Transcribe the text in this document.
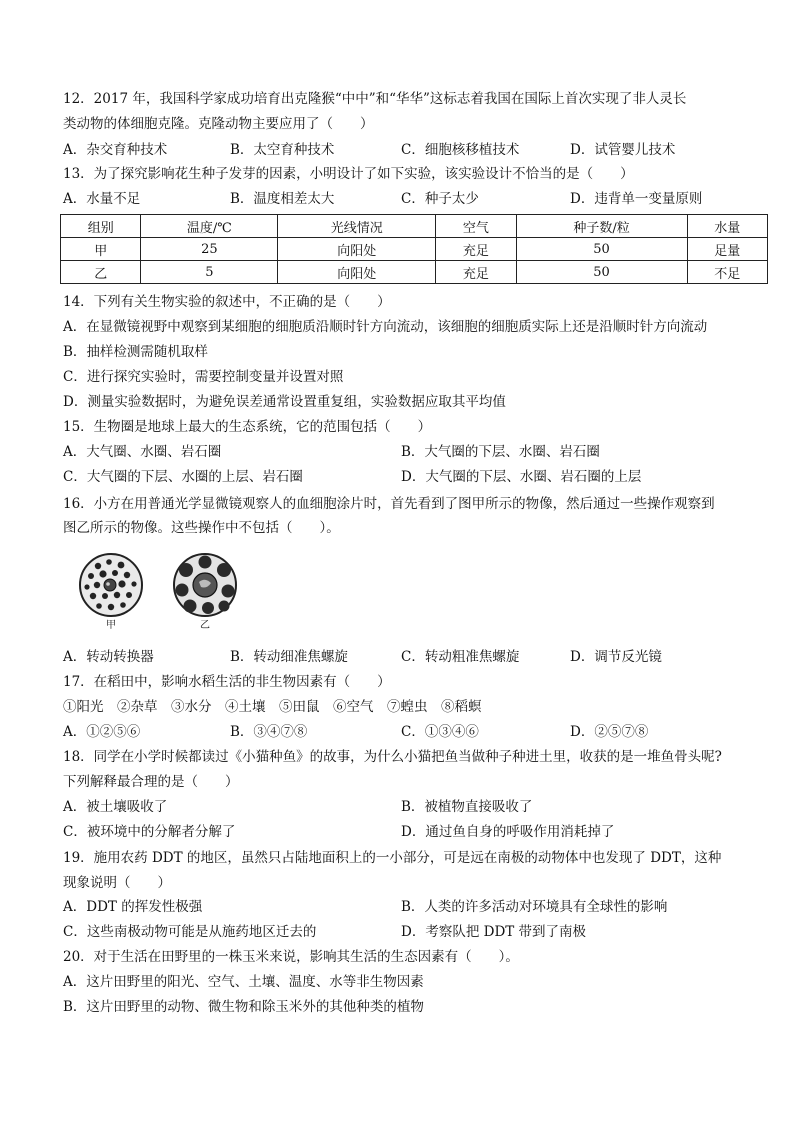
12．2017 年，我国科学家成功培育出克隆猴“中中”和“华华”这标志着我国在国际上首次实现了非人灵长
类动物的体细胞克隆。克隆动物主要应用了（　　）
A．杂交育种技术	B．太空育种技术	C．细胞核移植技术	D．试管婴儿技术
13．为了探究影响花生种子发芽的因素，小明设计了如下实验，该实验设计不恰当的是（　　）
A．水量不足	B．温度相差太大	C．种子太少	D．违背单一变量原则
组别	温度/℃	光线情况	空气	种子数/粒	水量
甲	25	向阳处	充足	50	足量
乙	5	向阳处	充足	50	不足
14．下列有关生物实验的叙述中，不正确的是（　　）
A．在显微镜视野中观察到某细胞的细胞质沿顺时针方向流动，该细胞的细胞质实际上还是沿顺时针方向流动
B．抽样检测需随机取样
C．进行探究实验时，需要控制变量并设置对照
D．测量实验数据时，为避免误差通常设置重复组，实验数据应取其平均值
15．生物圈是地球上最大的生态系统，它的范围包括（　　）
A．大气圈、水圈、岩石圈	B．大气圈的下层、水圈、岩石圈
C．大气圈的下层、水圈的上层、岩石圈	D．大气圈的下层、水圈、岩石圈的上层
16．小方在用普通光学显微镜观察人的血细胞涂片时，首先看到了图甲所示的物像，然后通过一些操作观察到
图乙所示的物像。这些操作中不包括（　　）。
甲	乙
A．转动转换器	B．转动细准焦螺旋	C．转动粗准焦螺旋	D．调节反光镜
17．在稻田中，影响水稻生活的非生物因素有（　　）
①阳光　②杂草　③水分　④土壤　⑤田鼠　⑥空气　⑦蝗虫　⑧稻螟
A．①②⑤⑥	B．③④⑦⑧	C．①③④⑥	D．②⑤⑦⑧
18．同学在小学时候都读过《小猫种鱼》的故事，为什么小猫把鱼当做种子种进土里，收获的是一堆鱼骨头呢?
下列解释最合理的是（　　）
A．被土壤吸收了	B．被植物直接吸收了
C．被环境中的分解者分解了	D．通过鱼自身的呼吸作用消耗掉了
19．施用农药 DDT 的地区，虽然只占陆地面积上的一小部分，可是远在南极的动物体中也发现了 DDT，这种
现象说明（　　）
A．DDT 的挥发性极强	B．人类的许多活动对环境具有全球性的影响
C．这些南极动物可能是从施药地区迁去的	D．考察队把 DDT 带到了南极
20．对于生活在田野里的一株玉米来说，影响其生活的生态因素有（　　）。
A．这片田野里的阳光、空气、土壤、温度、水等非生物因素
B．这片田野里的动物、微生物和除玉米外的其他种类的植物
